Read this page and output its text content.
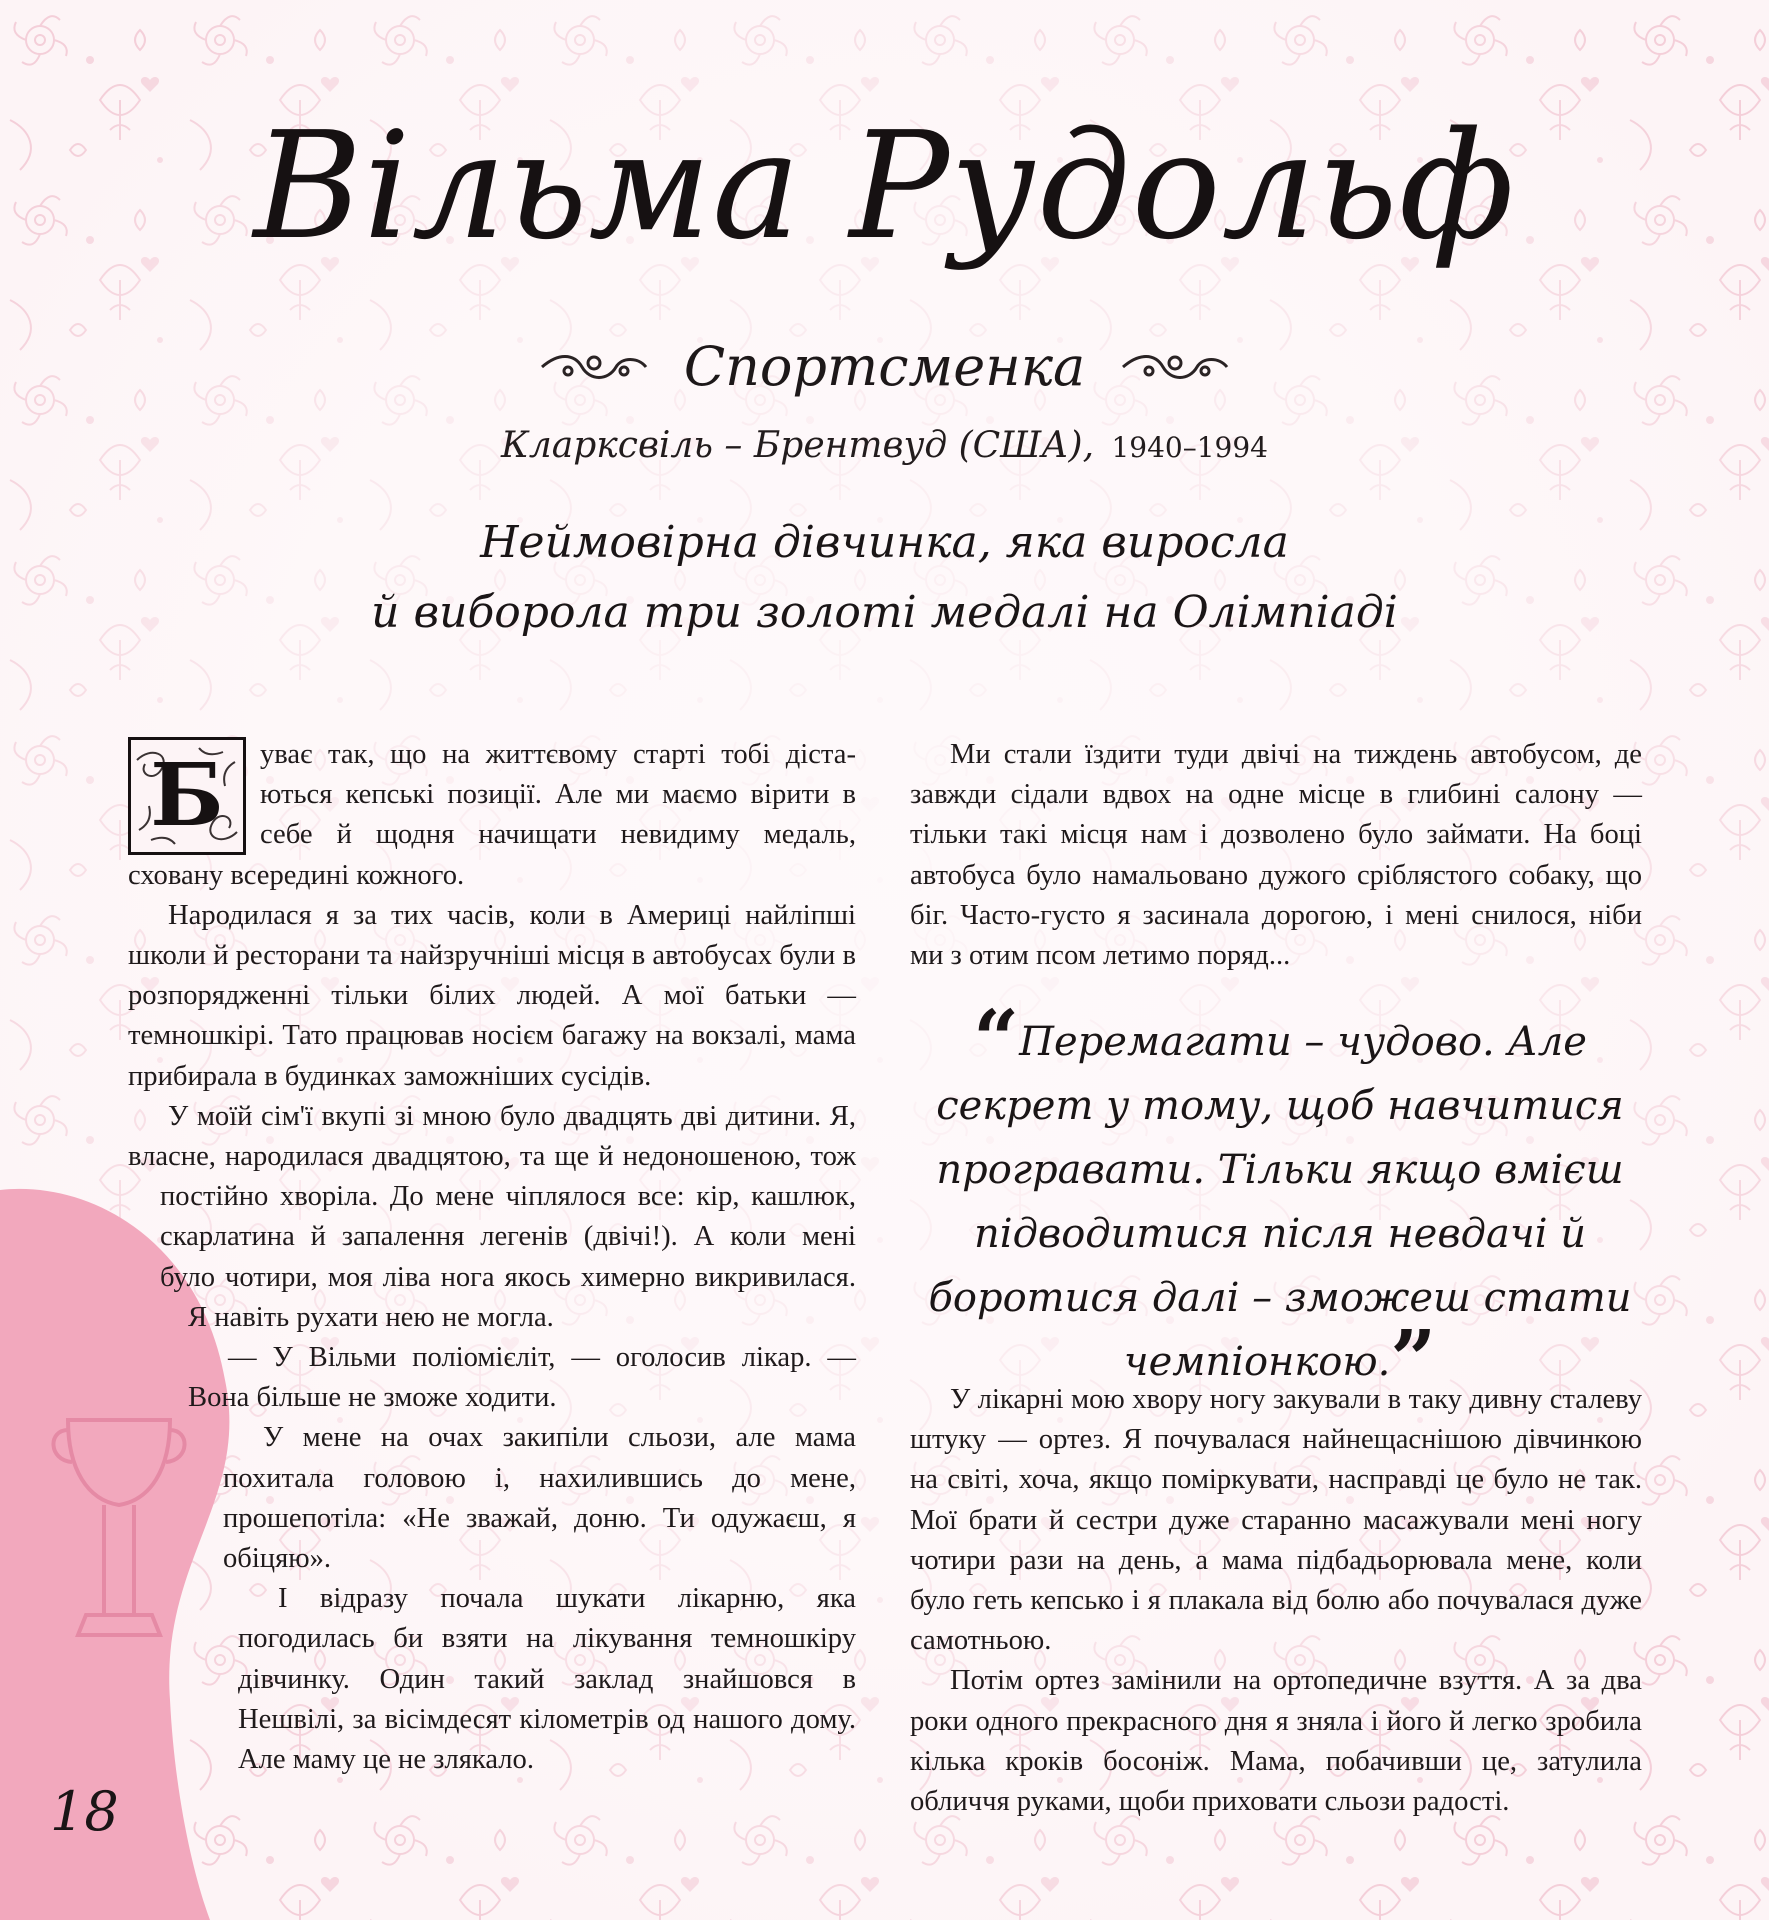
Вільма Рудольф
Спортсменка
Кларксвіль – Брентвуд (США), 1940–1994
Неймовірна дівчинка, яка виросла
й виборола три золоті медалі на Олімпіаді
Б	уває так, що на життєвому старті тобі дістаються кепські позиції. Але ми маємо вірити в себе й щодня начищати невидиму медаль, сховану всередині кожного.

Народилася я за тих часів, коли в Америці найліпші школи й ресторани та найзручніші місця в автобусах були в розпорядженні тільки білих людей. А мої батьки — темношкірі. Тато працював носієм багажу на вокзалі, мама прибирала в будинках заможніших сусідів.

У моїй сім'ї вкупі зі мною було двадцять дві дитини. Я, власне, народилася двадцятою, та ще й недоношеною, тож постійно хворіла. До мене чіплялося все: кір, кашлюк, скарлатина й запалення легенів (двічі!). А коли мені було чотири, моя ліва нога якось химерно викривилася. Я навіть рухати нею не могла.

— У Вільми поліомієліт, — оголосив лікар. — Вона більше не зможе ходити.

У мене на очах закипіли сльози, але мама похитала головою і, нахилившись до мене, прошепотіла: «Не зважай, доню. Ти одужаєш, я обіцяю».

І відразу почала шукати лікарню, яка погодилась би взяти на лікування темношкіру дівчинку. Один такий заклад знайшовся в Нешвілі, за вісімдесят кілометрів од нашого дому. Але маму це не злякало.

Ми стали їздити туди двічі на тиждень автобусом, де завжди сідали вдвох на одне місце в глибині салону — тільки такі місця нам і дозволено було займати. На боці автобуса було намальовано дужого сріблястого собаку, що біг. Часто-густо я засинала дорогою, і мені снилося, ніби ми з отим псом летимо поряд...

“Перемагати – чудово. Але секрет у тому, щоб навчитися програвати. Тільки якщо вмієш підводитися після невдачі й боротися далі – зможеш стати чемпіонкою.”

У лікарні мою хвору ногу закували в таку дивну сталеву штуку — ортез. Я почувалася найнещаснішою дівчинкою на світі, хоча, якщо поміркувати, насправді це було не так. Мої брати й сестри дуже старанно масажували мені ногу чотири рази на день, а мама підбадьорювала мене, коли було геть кепсько і я плакала від болю або почувалася дуже самотньою.

Потім ортез замінили на ортопедичне взуття. А за два роки одного прекрасного дня я зняла і його й легко зробила кілька кроків босоніж. Мама, побачивши це, затулила обличчя руками, щоби приховати сльози радості.

18
